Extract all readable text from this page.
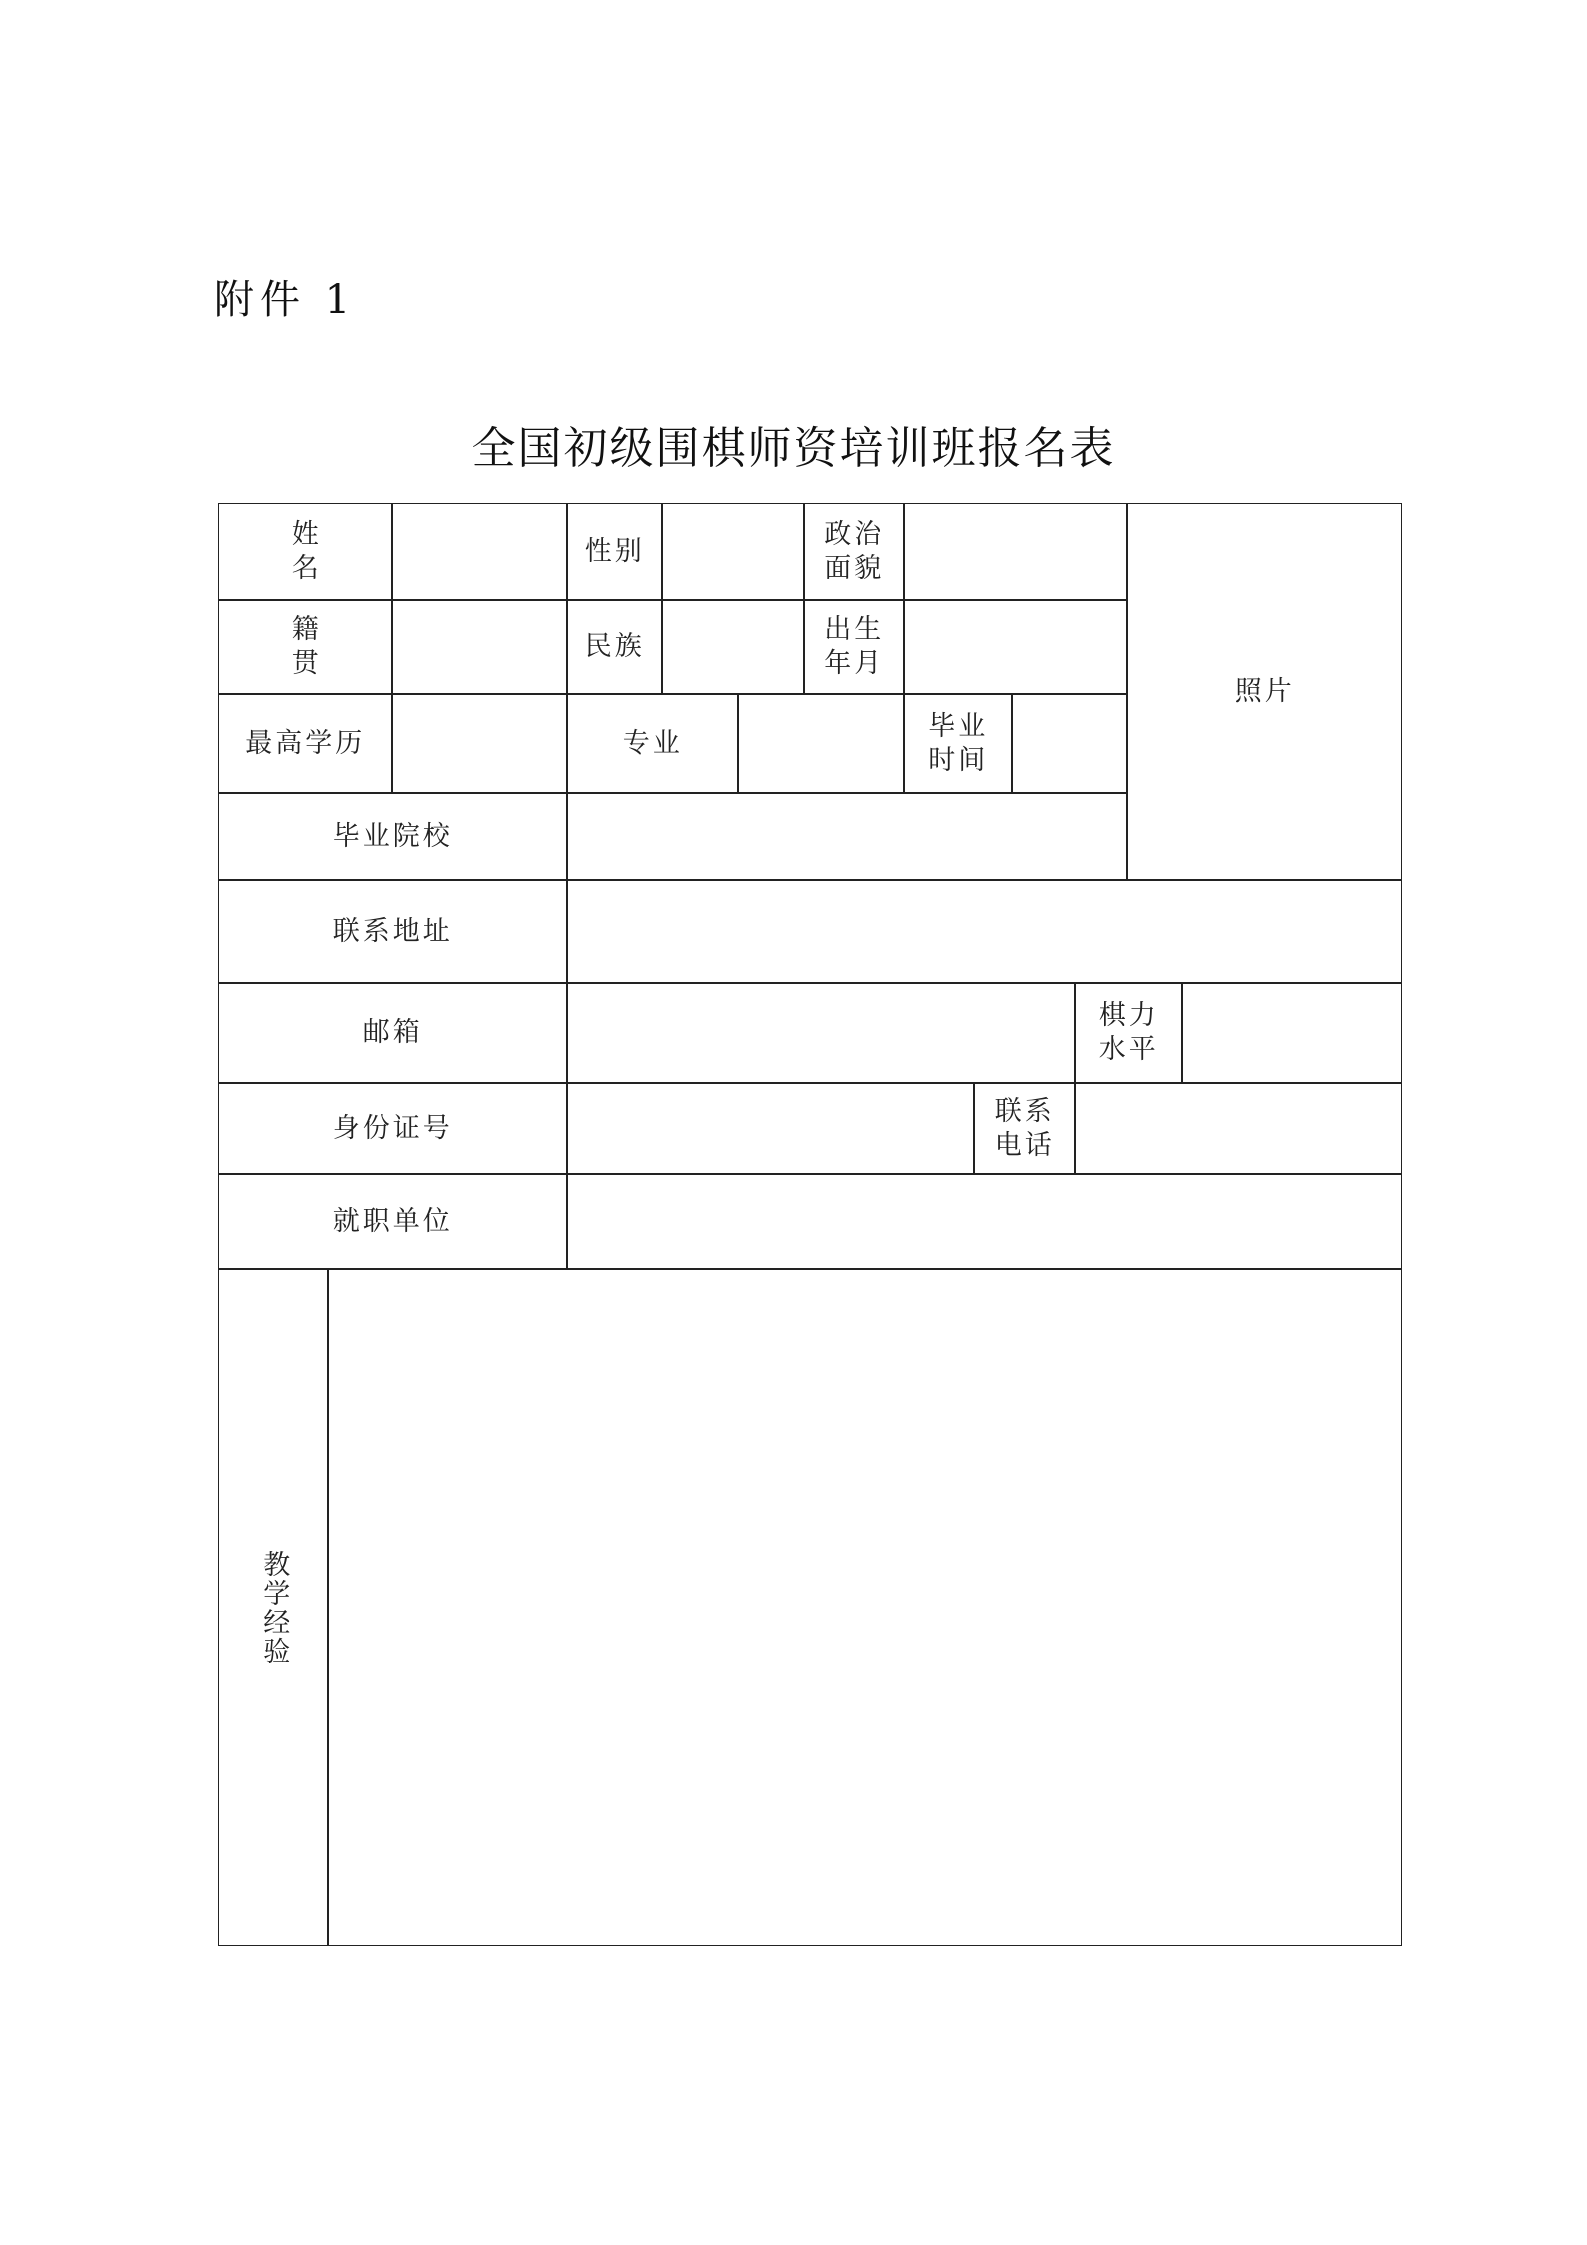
附件 1
全国初级围棋师资培训班报名表
姓 名
性别
政治
面貌
照片
籍 贯
民族
出生
年月
最高学历	专业
毕业
时间
毕业院校
联系地址
邮箱
棋力
水平
身份证号
联系
电话
就职单位
教学经验
